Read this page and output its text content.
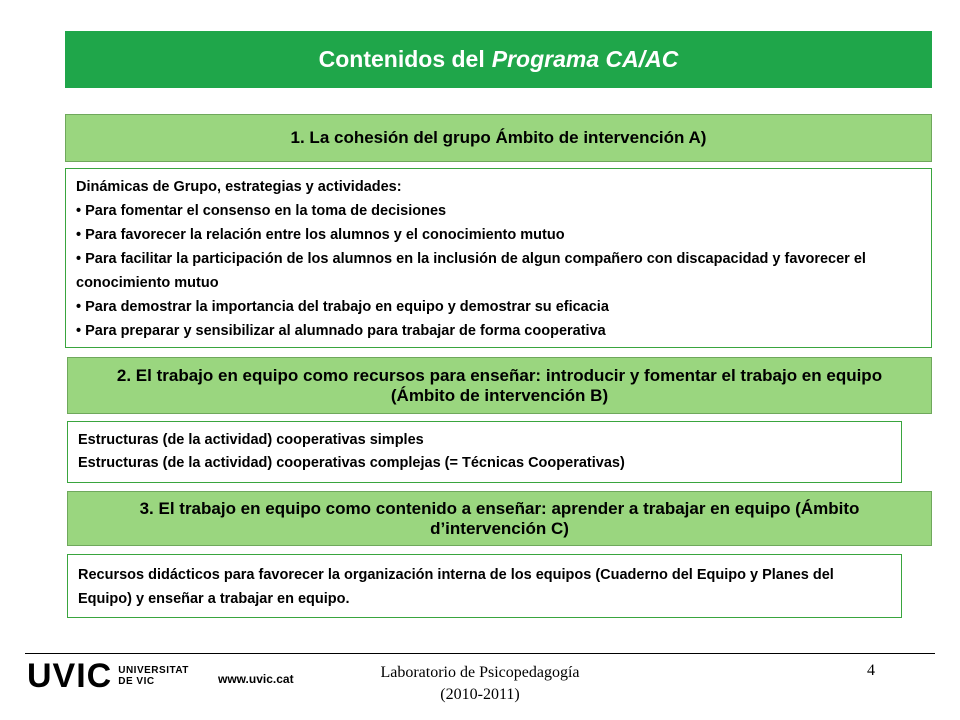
Contenidos del Programa CA/AC
1. La cohesión del grupo Ámbito de intervención A)

Dinámicas de Grupo, estrategias y actividades:

• Para fomentar el consenso en la toma de decisiones

• Para favorecer la relación entre los alumnos y el conocimiento mutuo

• Para facilitar la participación de los alumnos en la inclusión de algun compañero con discapacidad y favorecer el conocimiento mutuo

• Para demostrar la importancia del trabajo en equipo y demostrar su eficacia

• Para preparar y sensibilizar al alumnado para trabajar de forma cooperativa

2. El trabajo en equipo como recursos para enseñar: introducir y fomentar el trabajo en equipo (Ámbito de intervención B)

Estructuras (de la actividad) cooperativas simples

Estructuras (de la actividad) cooperativas complejas (= Técnicas Cooperativas)

3. El trabajo en equipo como contenido a enseñar: aprender a trabajar en equipo (Ámbito d’intervención C)

Recursos didácticos para favorecer la organización interna de los equipos (Cuaderno del Equipo y Planes del Equipo) y enseñar a trabajar en equipo.

UVIC UNIVERSITAT
DE VIC	www.uvic.cat	Laboratorio de Psicopedagogía
(2010-2011)
4
